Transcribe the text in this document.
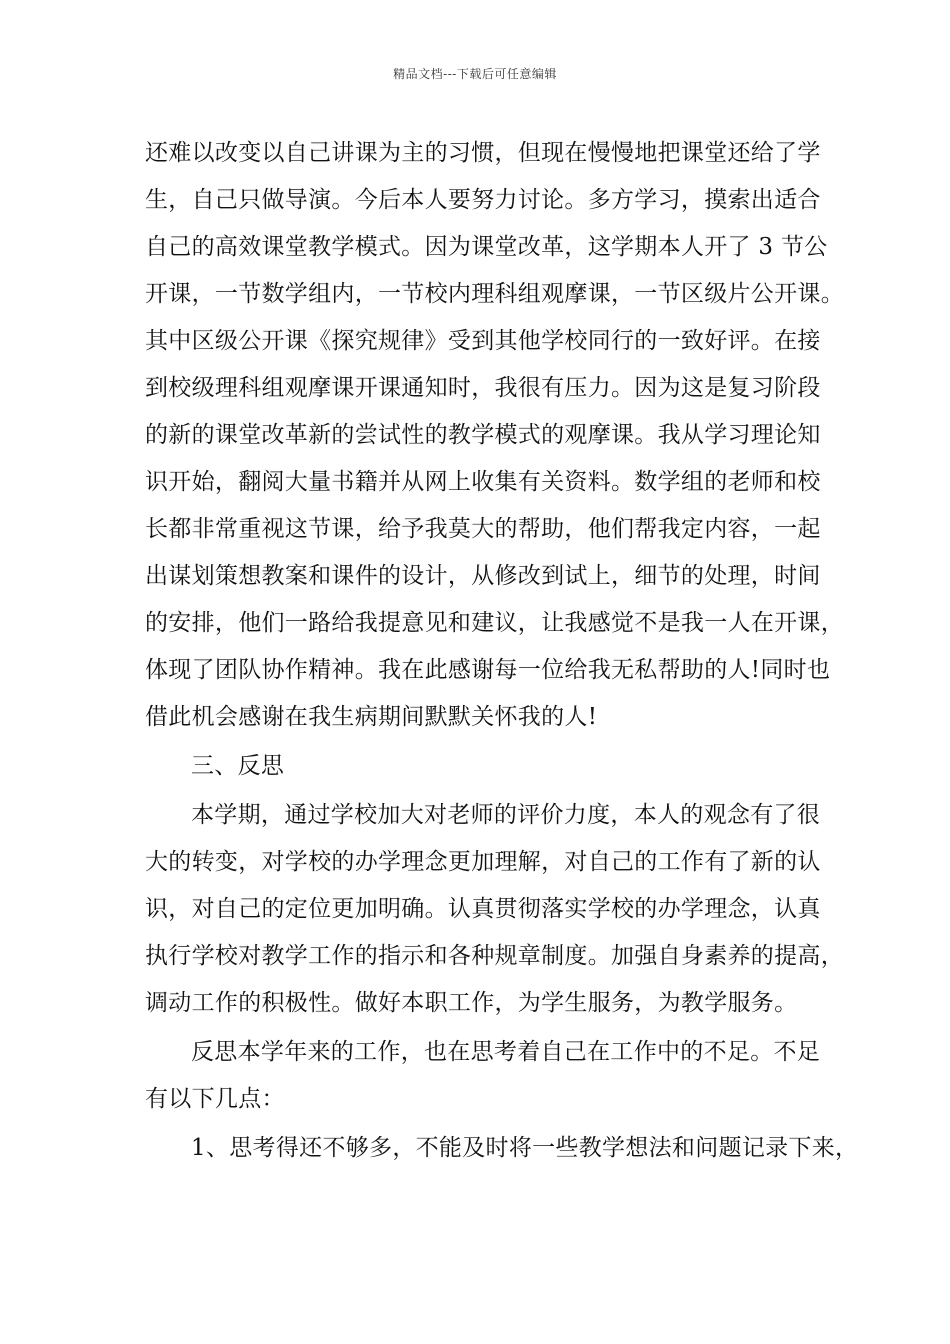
精品文档---下载后可任意编辑
还难以改变以自己讲课为主的习惯，但现在慢慢地把课堂还给了学
生，自己只做导演。今后本人要努力讨论。多方学习，摸索出适合
自己的高效课堂教学模式。因为课堂改革，这学期本人开了 3 节公
开课，一节数学组内，一节校内理科组观摩课，一节区级片公开课。
其中区级公开课《探究规律》受到其他学校同行的一致好评。在接
到校级理科组观摩课开课通知时，我很有压力。因为这是复习阶段
的新的课堂改革新的尝试性的教学模式的观摩课。我从学习理论知
识开始，翻阅大量书籍并从网上收集有关资料。数学组的老师和校
长都非常重视这节课，给予我莫大的帮助，他们帮我定内容，一起
出谋划策想教案和课件的设计，从修改到试上，细节的处理，时间
的安排，他们一路给我提意见和建议，让我感觉不是我一人在开课，
体现了团队协作精神。我在此感谢每一位给我无私帮助的人!同时也
借此机会感谢在我生病期间默默关怀我的人!
三、反思
本学期，通过学校加大对老师的评价力度，本人的观念有了很
大的转变，对学校的办学理念更加理解，对自己的工作有了新的认
识，对自己的定位更加明确。认真贯彻落实学校的办学理念，认真
执行学校对教学工作的指示和各种规章制度。加强自身素养的提高，
调动工作的积极性。做好本职工作，为学生服务，为教学服务。
反思本学年来的工作，也在思考着自己在工作中的不足。不足
有以下几点：
1、思考得还不够多，不能及时将一些教学想法和问题记录下来，
